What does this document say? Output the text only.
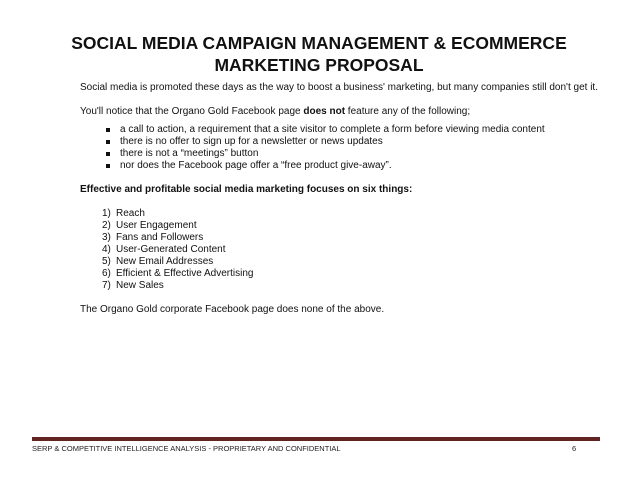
SOCIAL MEDIA CAMPAIGN MANAGEMENT & ECOMMERCE
MARKETING PROPOSAL

Social media is promoted these days as the way to boost a business' marketing, but many companies still don't get it.

You'll notice that the Organo Gold Facebook page does not feature any of the following;

a call to action, a requirement that a site visitor to complete a form before viewing media content
there is no offer to sign up for a newsletter or news updates
there is not a “meetings” button
nor does the Facebook page offer a “free product give-away”.

Effective and profitable social media marketing focuses on six things:

1) Reach
2) User Engagement
3) Fans and Followers
4) User-Generated Content
5) New Email Addresses
6) Efficient & Effective Advertising
7) New Sales

The Organo Gold corporate Facebook page does none of the above.

SERP & COMPETITIVE INTELLIGENCE ANALYSIS - PROPRIETARY AND CONFIDENTIAL	6
